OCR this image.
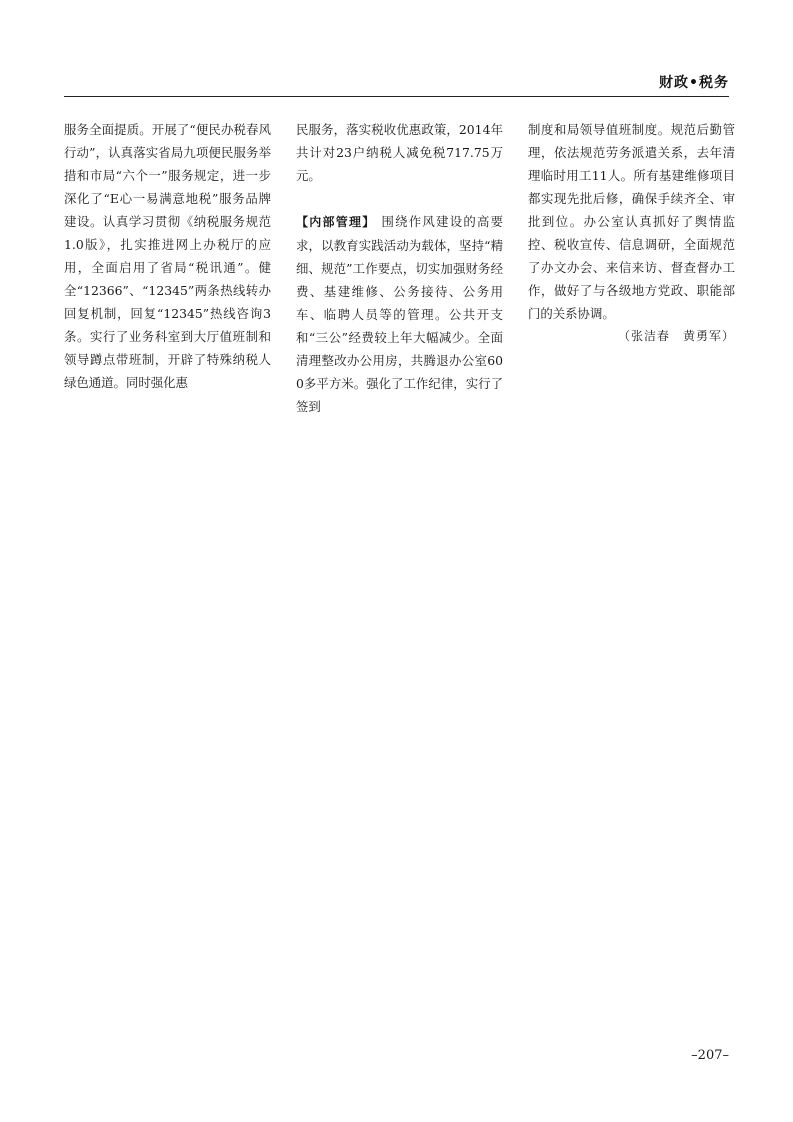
财政•税务

服务全面提质。开展了“便民办税春风行动”，认真落实省局九项便民服务举措和市局“六个一”服务规定，进一步深化了“E心一易满意地税”服务品牌建设。认真学习贯彻《纳税服务规范1.0版》，扎实推进网上办税厅的应用，全面启用了省局“税讯通”。健全“12366”、“12345”两条热线转办回复机制，回复“12345”热线咨询3条。实行了业务科室到大厅值班制和领导蹲点带班制，开辟了特殊纳税人绿色通道。同时强化惠

民服务，落实税收优惠政策，2014年共计对23户纳税人减免税717.75万元。

【内部管理】 围绕作风建设的高要求，以教育实践活动为载体，坚持“精细、规范”工作要点，切实加强财务经费、基建维修、公务接待、公务用车、临聘人员等的管理。公共开支和“三公”经费较上年大幅减少。全面清理整改办公用房，共腾退办公室600多平方米。强化了工作纪律，实行了签到

制度和局领导值班制度。规范后勤管理，依法规范劳务派遣关系，去年清理临时用工11人。所有基建维修项目都实现先批后修，确保手续齐全、审批到位。办公室认真抓好了舆情监控、税收宣传、信息调研，全面规范了办文办会、来信来访、督查督办工作，做好了与各级地方党政、职能部门的关系协调。

（张洁春　黄勇军）

–207–
